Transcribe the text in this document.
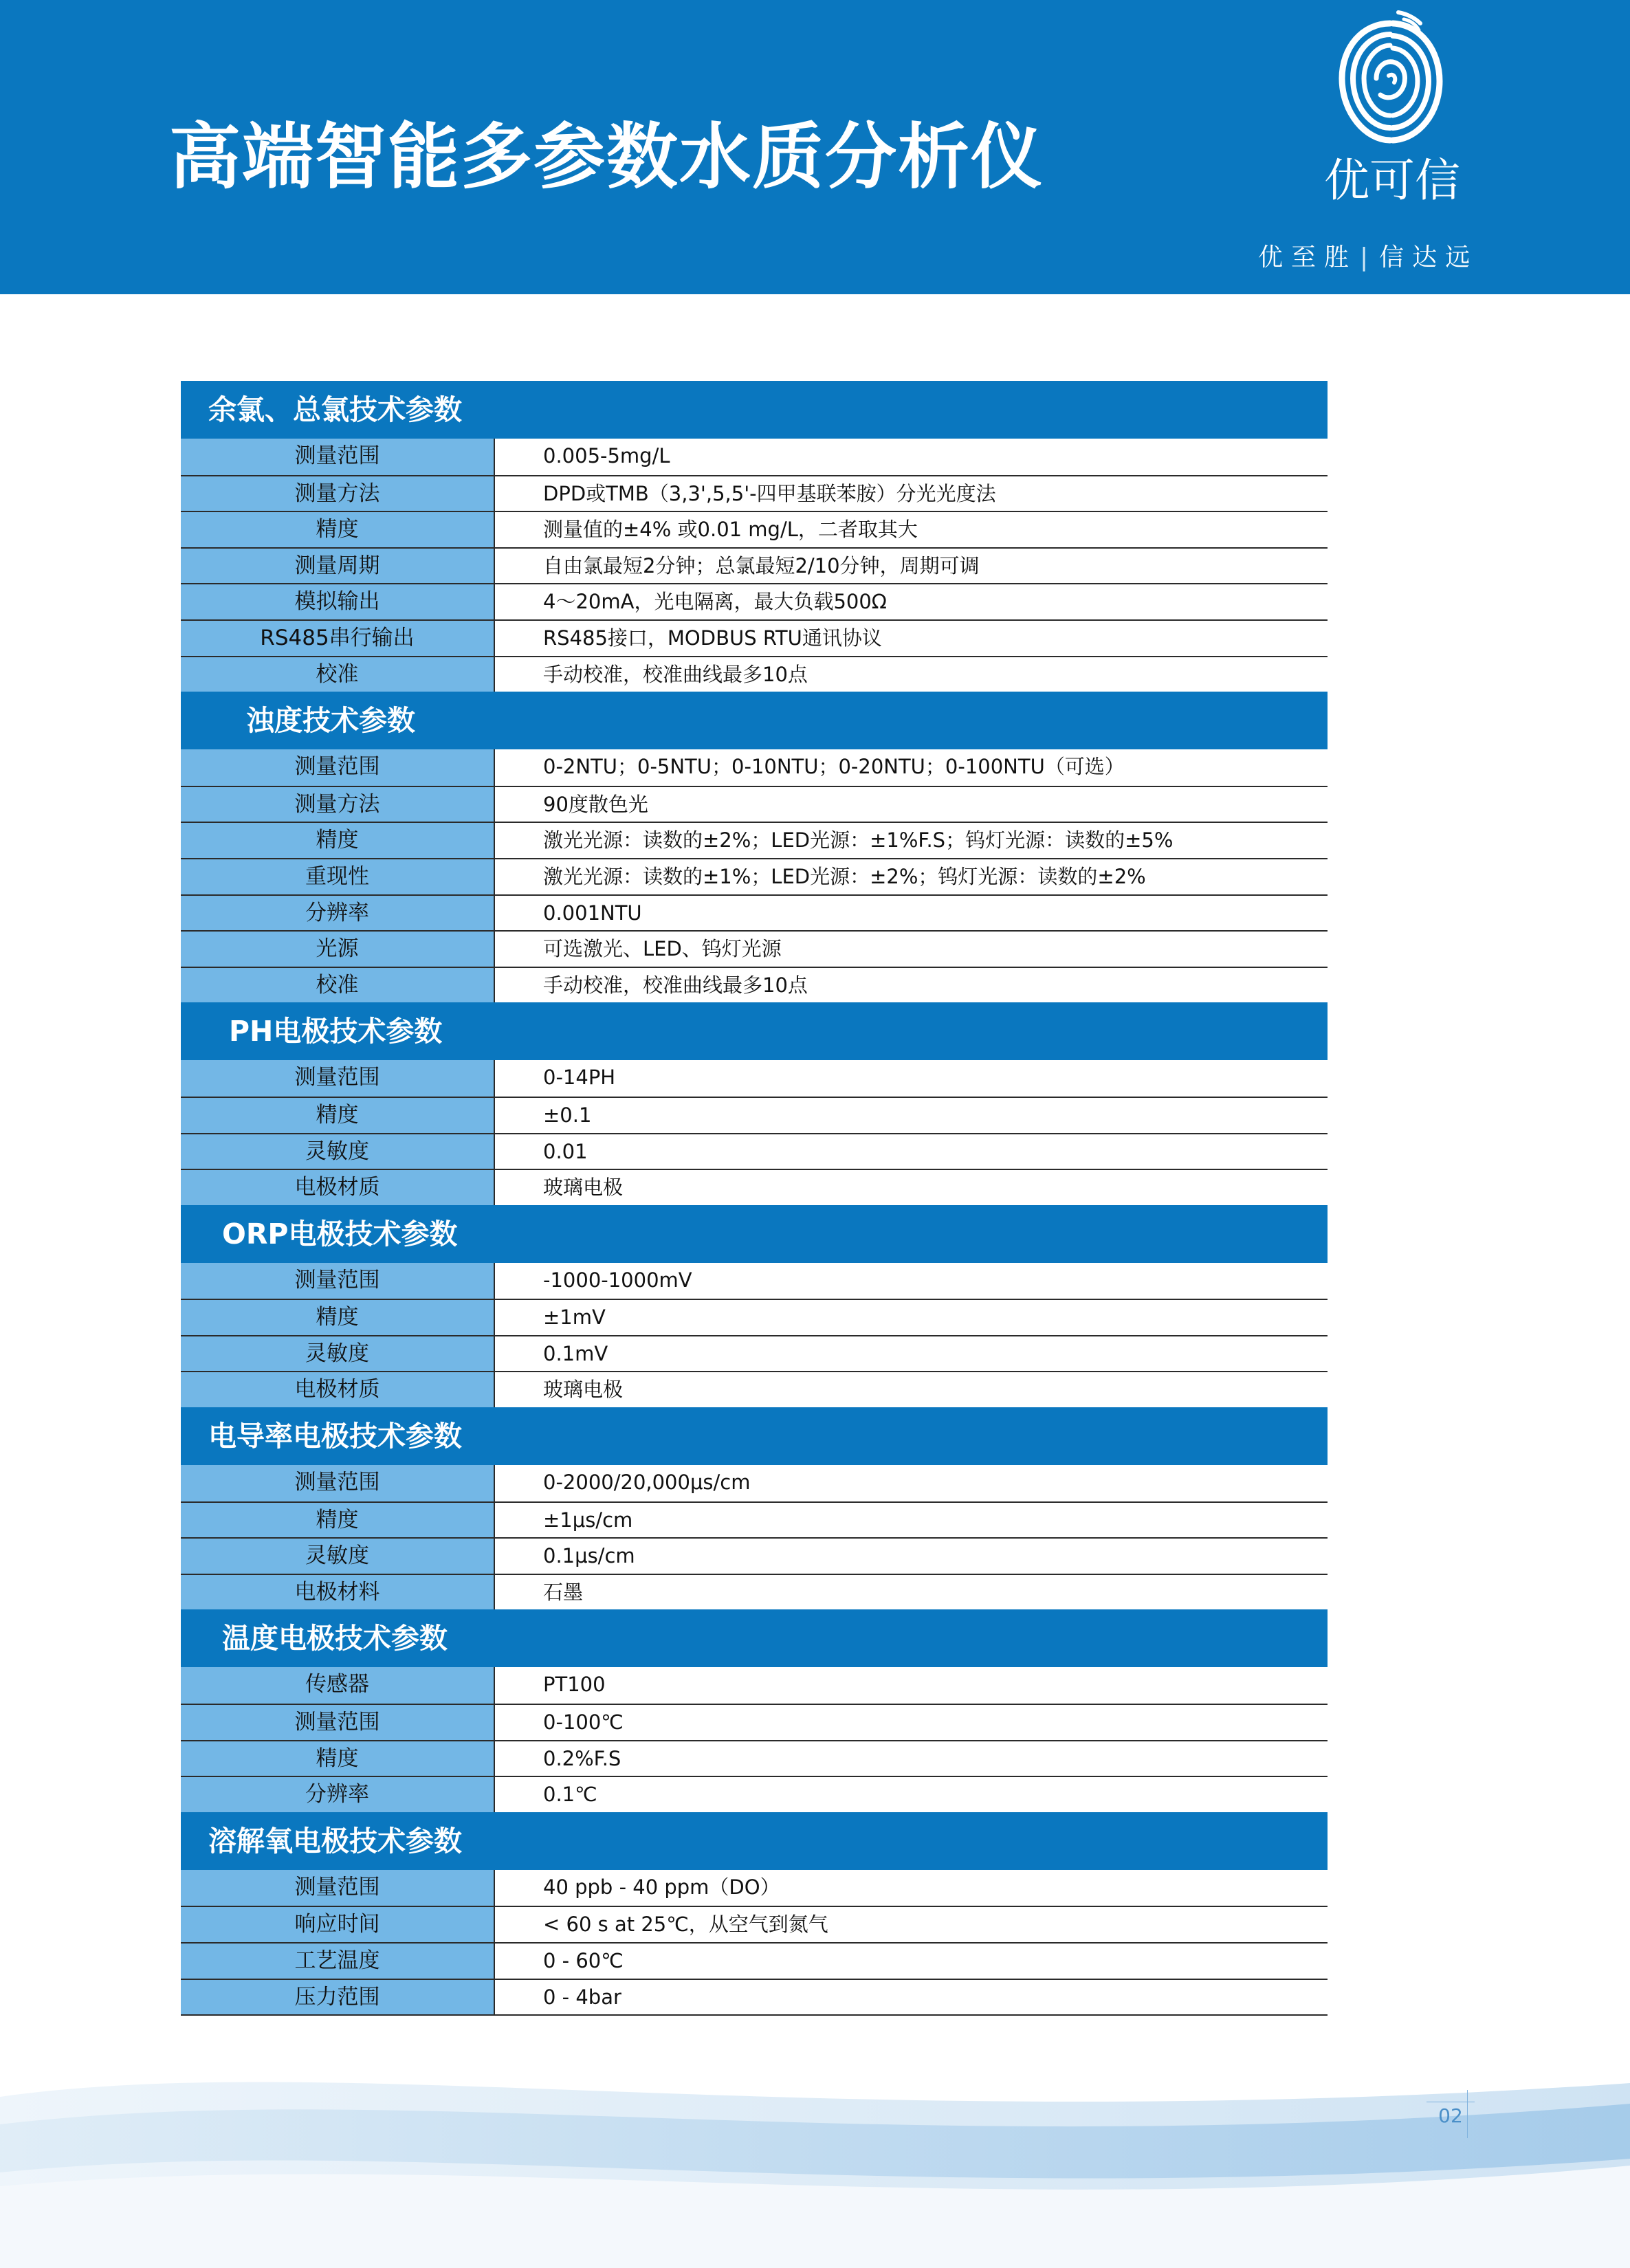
高端智能多参数水质分析仪	优可信
优至胜 | 信达远
余氯、总氯技术参数
测量范围	0.005-5mg/L
测量方法	DPD或TMB（3,3',5,5'-四甲基联苯胺）分光光度法
精度	测量值的±4% 或0.01 mg/L，二者取其大
测量周期	自由氯最短2分钟；总氯最短2/10分钟，周期可调
模拟输出	4～20mA，光电隔离，最大负载500Ω
RS485串行输出	RS485接口，MODBUS RTU通讯协议
校准	手动校准，校准曲线最多10点
浊度技术参数
测量范围	0-2NTU；0-5NTU；0-10NTU；0-20NTU；0-100NTU（可选）
测量方法	90度散色光
精度	激光光源：读数的±2%；LED光源：±1%F.S；钨灯光源：读数的±5%
重现性	激光光源：读数的±1%；LED光源：±2%；钨灯光源：读数的±2%
分辨率	0.001NTU
光源	可选激光、LED、钨灯光源
校准	手动校准，校准曲线最多10点
PH电极技术参数
测量范围	0-14PH
精度	±0.1
灵敏度	0.01
电极材质	玻璃电极
ORP电极技术参数
测量范围	-1000-1000mV
精度	±1mV
灵敏度	0.1mV
电极材质	玻璃电极
电导率电极技术参数
测量范围	0-2000/20,000μs/cm
精度	±1μs/cm
灵敏度	0.1μs/cm
电极材料	石墨
温度电极技术参数
传感器	PT100
测量范围	0-100℃
精度	0.2%F.S
分辨率	0.1℃
溶解氧电极技术参数
测量范围	40 ppb - 40 ppm（DO）
响应时间	< 60 s at 25℃，从空气到氮气
工艺温度	0 - 60℃
压力范围	0 - 4bar
02
